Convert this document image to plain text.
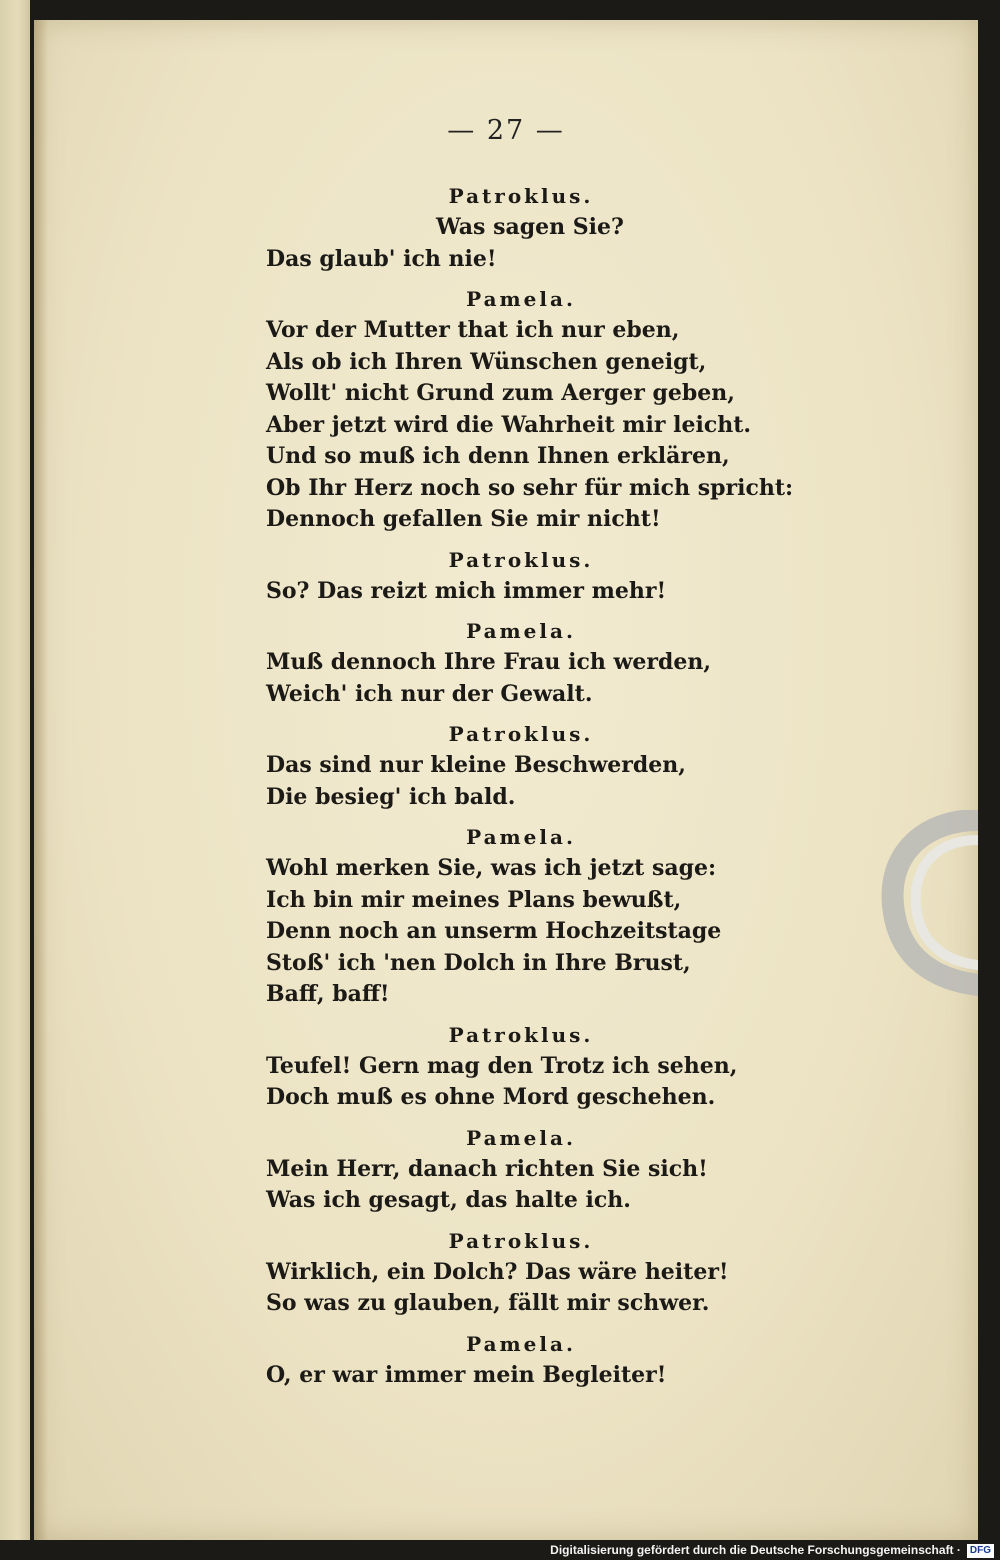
— 27 —
Patroklus.
Was sagen Sie?
Das glaub' ich nie!
Pamela.
Vor der Mutter that ich nur eben,
Als ob ich Ihren Wünschen geneigt,
Wollt' nicht Grund zum Aerger geben,
Aber jetzt wird die Wahrheit mir leicht.
Und so muß ich denn Ihnen erklären,
Ob Ihr Herz noch so sehr für mich spricht:
Dennoch gefallen Sie mir nicht!
Patroklus.
So? Das reizt mich immer mehr!
Pamela.
Muß dennoch Ihre Frau ich werden,
Weich' ich nur der Gewalt.
Patroklus.
Das sind nur kleine Beschwerden,
Die besieg' ich bald.
Pamela.
Wohl merken Sie, was ich jetzt sage:
Ich bin mir meines Plans bewußt,
Denn noch an unserm Hochzeitstage
Stoß' ich 'nen Dolch in Ihre Brust,
Baff, baff!
Patroklus.
Teufel! Gern mag den Trotz ich sehen,
Doch muß es ohne Mord geschehen.
Pamela.
Mein Herr, danach richten Sie sich!
Was ich gesagt, das halte ich.
Patroklus.
Wirklich, ein Dolch? Das wäre heiter!
So was zu glauben, fällt mir schwer.
Pamela.
O, er war immer mein Begleiter!
Digitalisierung gefördert durch die Deutsche Forschungsgemeinschaft · DFG
